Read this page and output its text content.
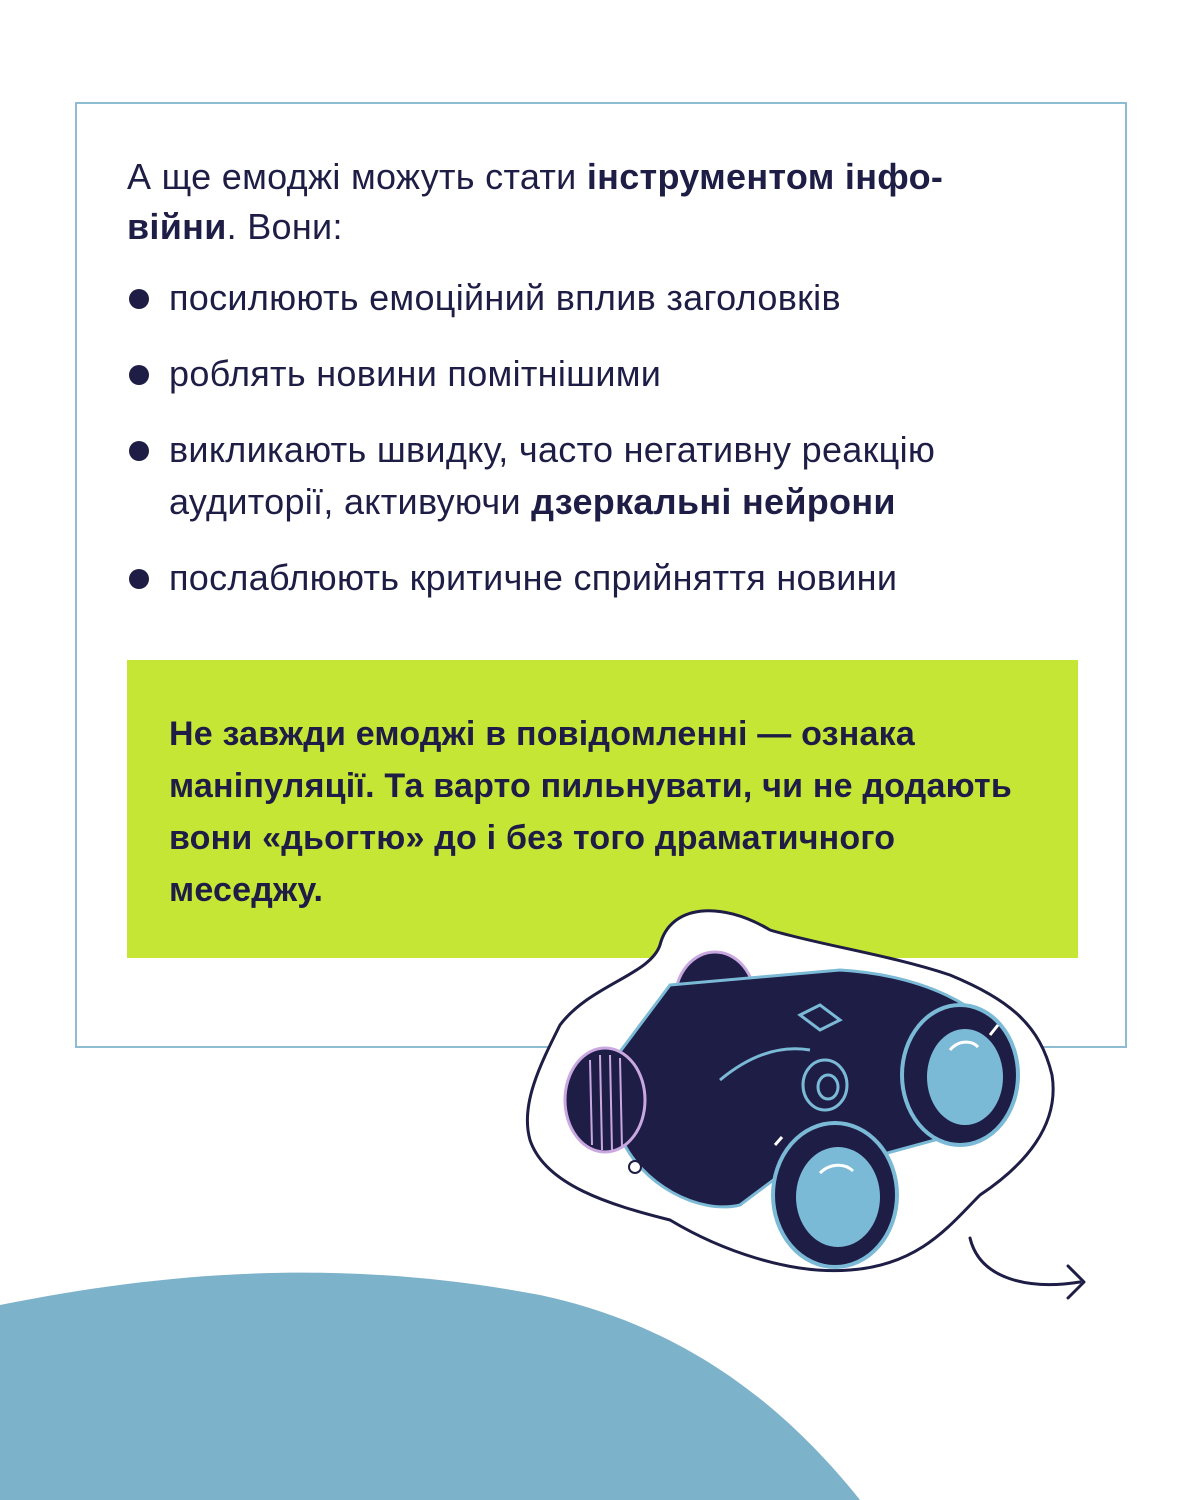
А ще емоджі можуть стати інструментом інфо-війни. Вони:

посилюють емоційний вплив заголовків
роблять новини помітнішими
викликають швидку, часто негативну реакцію аудиторії, активуючи дзеркальні нейрони
послаблюють критичне сприйняття новини

Не завжди емоджі в повідомленні — ознака маніпуляції. Та варто пильнувати, чи не додають вони «дьогтю» до і без того драматичного меседжу.
